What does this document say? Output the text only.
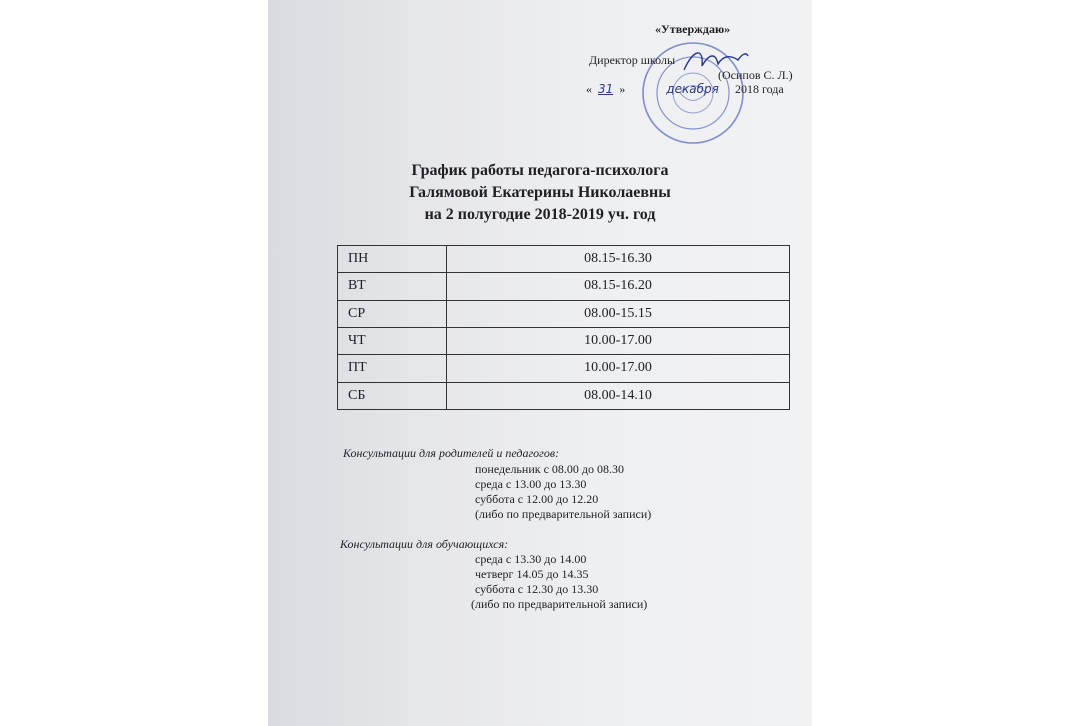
«Утверждаю»
Директор школы
(Осипов С. Л.)
« 31 »	декабря 2018 года
График работы педагога-психолога
Галямовой Екатерины Николаевны
на 2 полугодие 2018-2019 уч. год
ПН	08.15-16.30
ВТ	08.15-16.20
СР	08.00-15.15
ЧТ	10.00-17.00
ПТ	10.00-17.00
СБ	08.00-14.10
Консультации для родителей и педагогов:
понедельник с 08.00 до 08.30
среда с 13.00 до 13.30
суббота с 12.00 до 12.20
(либо по предварительной записи)
Консультации для обучающихся:
среда с 13.30 до 14.00
четверг 14.05 до 14.35
суббота с 12.30 до 13.30
(либо по предварительной записи)
